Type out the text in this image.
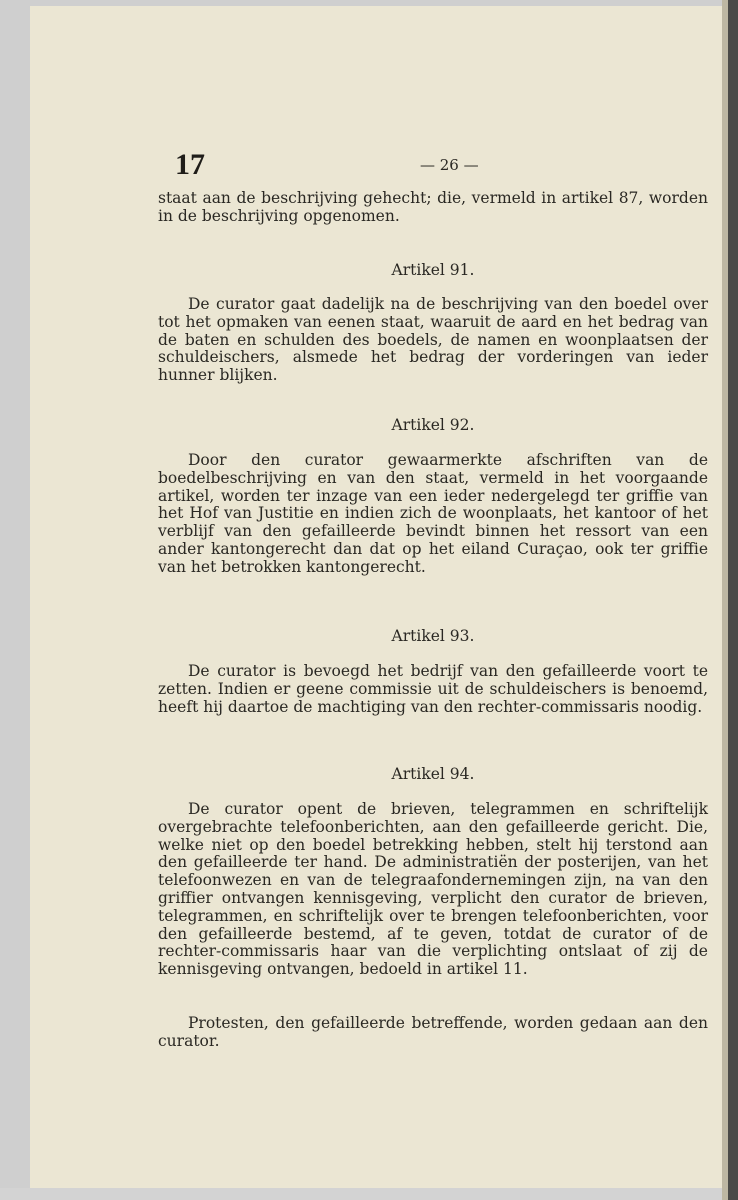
17	— 26 —

staat aan de beschrijving gehecht; die, vermeld in artikel 87, worden in de beschrijving opgenomen.

Artikel 91.

De curator gaat dadelijk na de beschrijving van den boedel over tot het opmaken van eenen staat, waaruit de aard en het bedrag van de baten en schulden des boedels, de namen en woonplaatsen der schuldeischers, alsmede het bedrag der vorderingen van ieder hunner blijken.

Artikel 92.

Door den curator gewaarmerkte afschriften van de boedelbeschrijving en van den staat, vermeld in het voorgaande artikel, worden ter inzage van een ieder nedergelegd ter griffie van het Hof van Justitie en indien zich de woonplaats, het kantoor of het verblijf van den gefailleerde bevindt binnen het ressort van een ander kantongerecht dan dat op het eiland Curaçao, ook ter griffie van het betrokken kantongerecht.

Artikel 93.

De curator is bevoegd het bedrijf van den gefailleerde voort te zetten. Indien er geene commissie uit de schuldeischers is benoemd, heeft hij daartoe de machtiging van den rechter-commissaris noodig.

Artikel 94.

De curator opent de brieven, telegrammen en schriftelijk overgebrachte telefoonberichten, aan den gefailleerde gericht. Die, welke niet op den boedel betrekking hebben, stelt hij terstond aan den gefailleerde ter hand. De administratiën der posterijen, van het telefoonwezen en van de telegraafondernemingen zijn, na van den griffier ontvangen kennisgeving, verplicht den curator de brieven, telegrammen, en schriftelijk over te brengen telefoonberichten, voor den gefailleerde bestemd, af te geven, totdat de curator of de rechter-commissaris haar van die verplichting ontslaat of zij de kennisgeving ontvangen, bedoeld in artikel 11.

Protesten, den gefailleerde betreffende, worden gedaan aan den curator.
